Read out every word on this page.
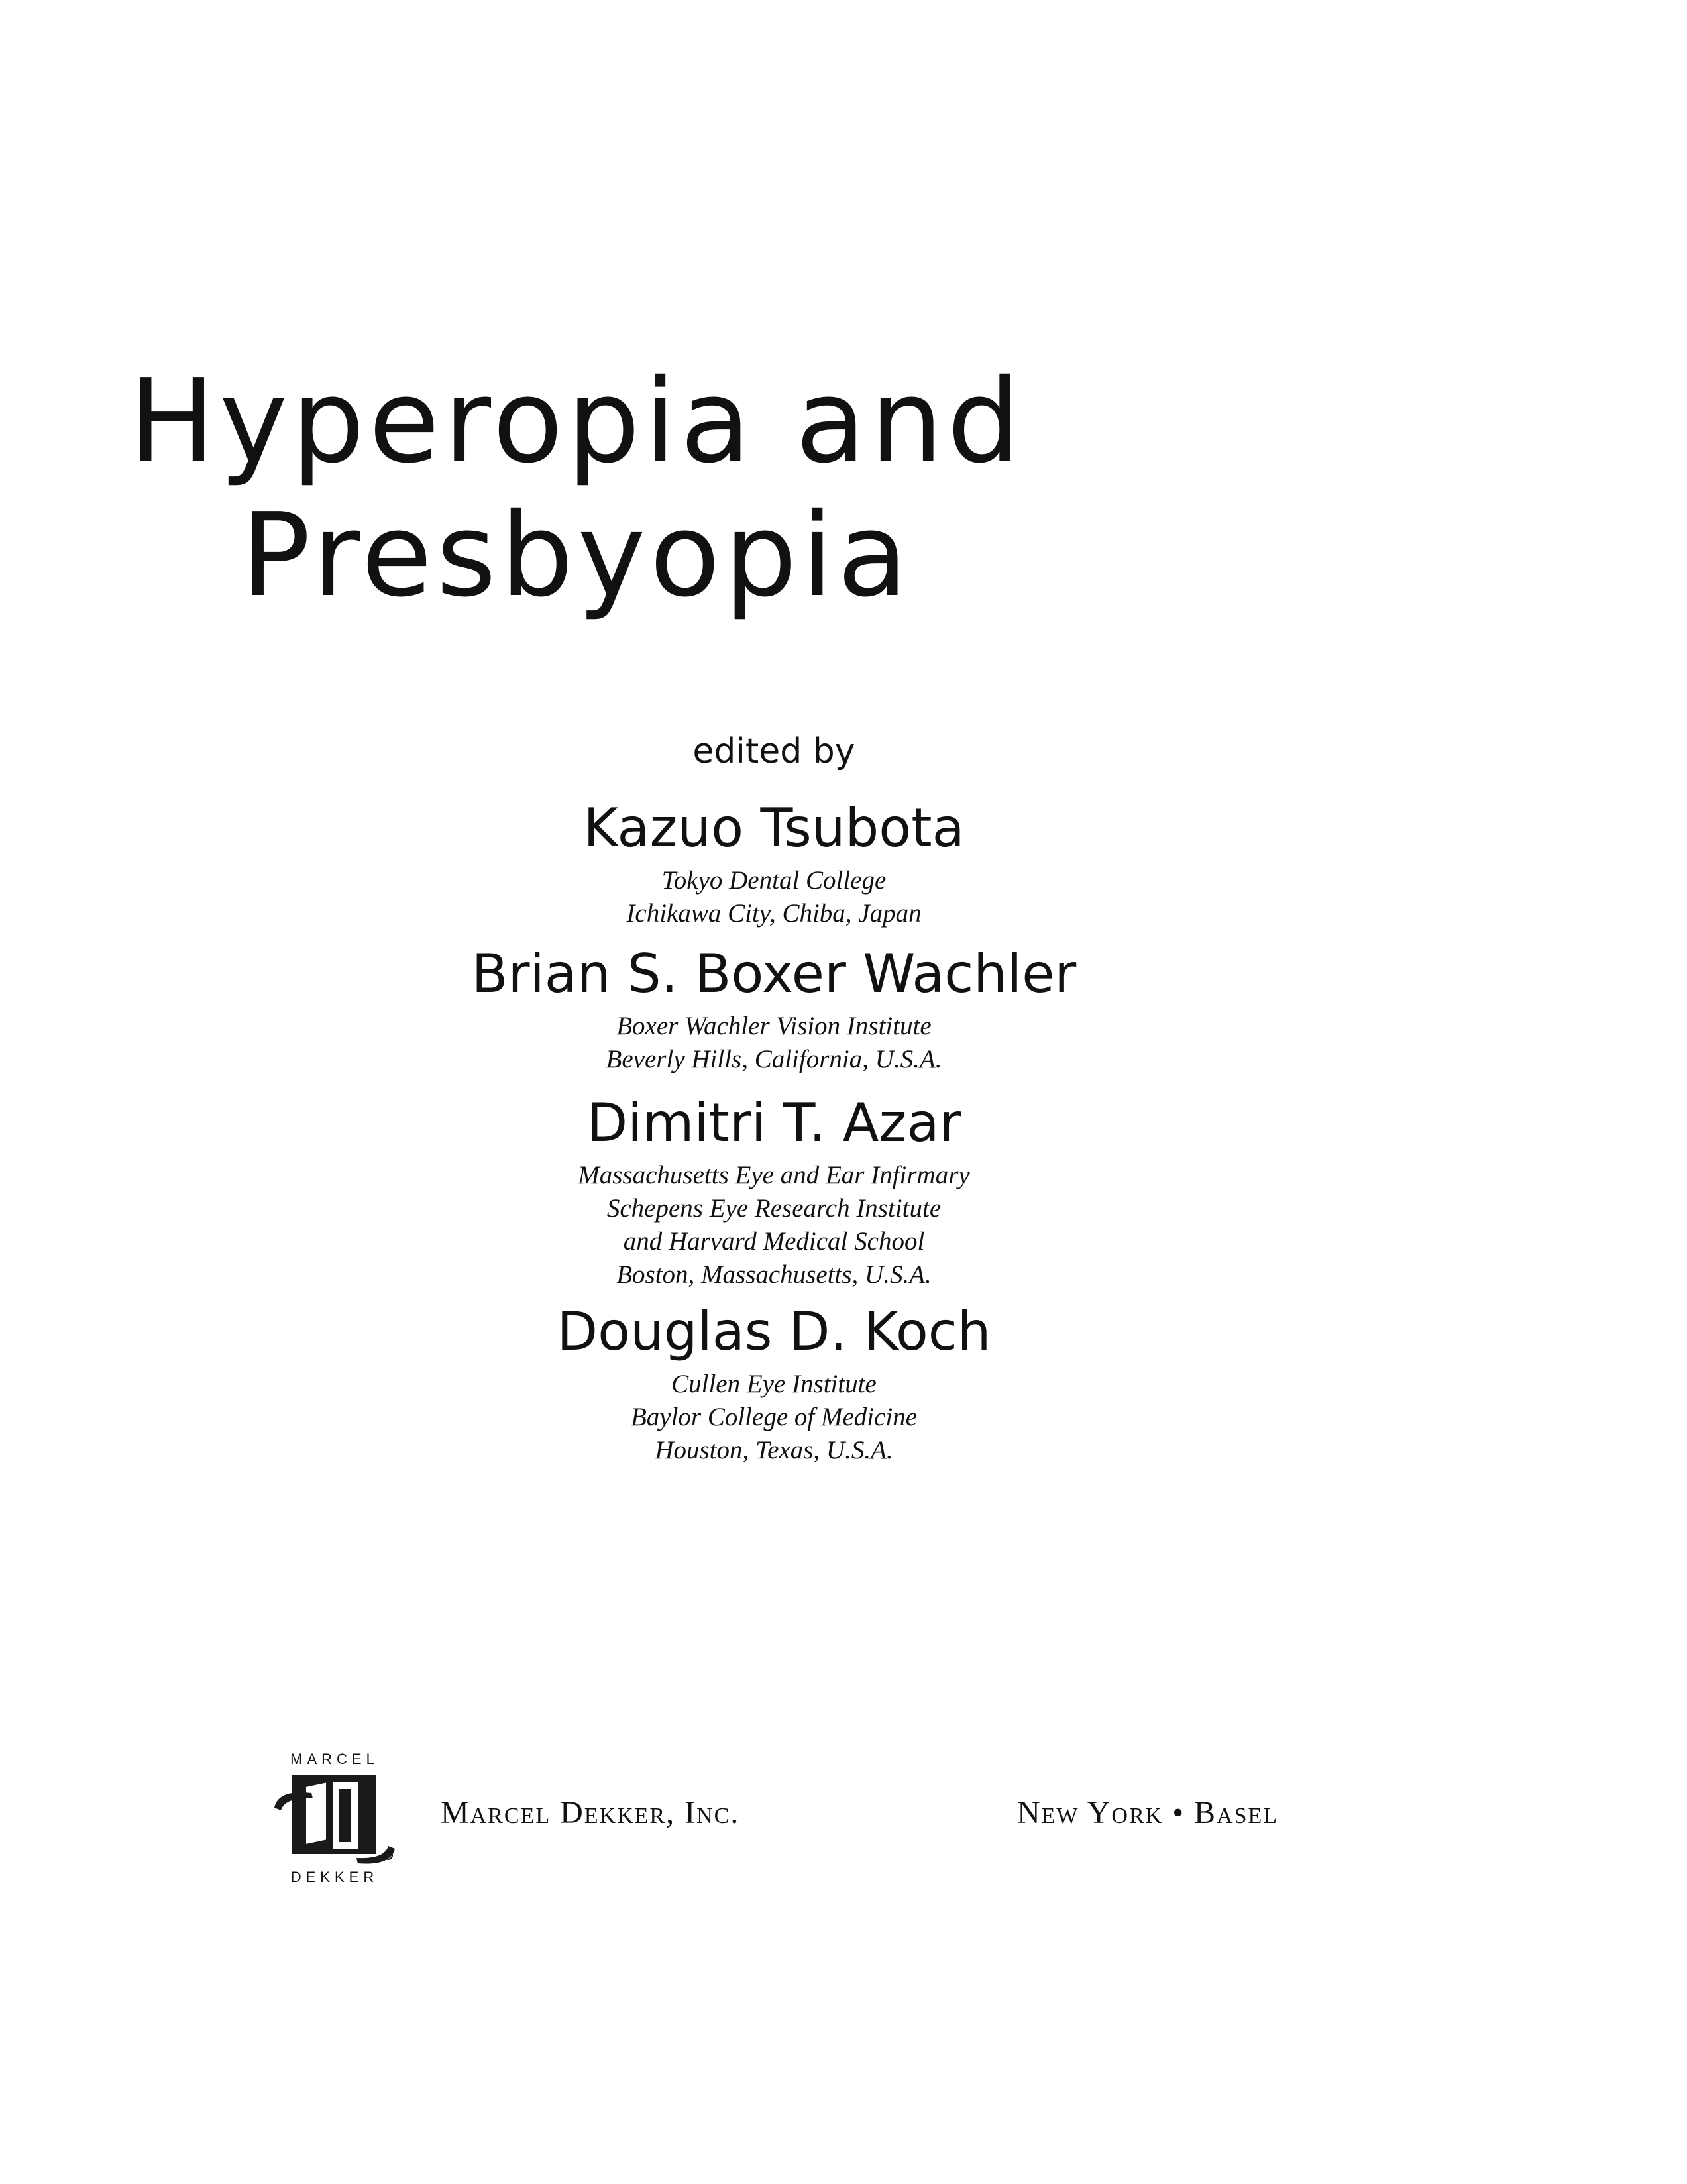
Hyperopia and
Presbyopia
edited by
Kazuo Tsubota
Tokyo Dental College
Ichikawa City, Chiba, Japan
Brian S. Boxer Wachler
Boxer Wachler Vision Institute
Beverly Hills, California, U.S.A.
Dimitri T. Azar
Massachusetts Eye and Ear Infirmary
Schepens Eye Research Institute
and Harvard Medical School
Boston, Massachusetts, U.S.A.
Douglas D. Koch
Cullen Eye Institute
Baylor College of Medicine
Houston, Texas, U.S.A.
MARCEL
DEKKER
Marcel Dekker, Inc.	New York • Basel
